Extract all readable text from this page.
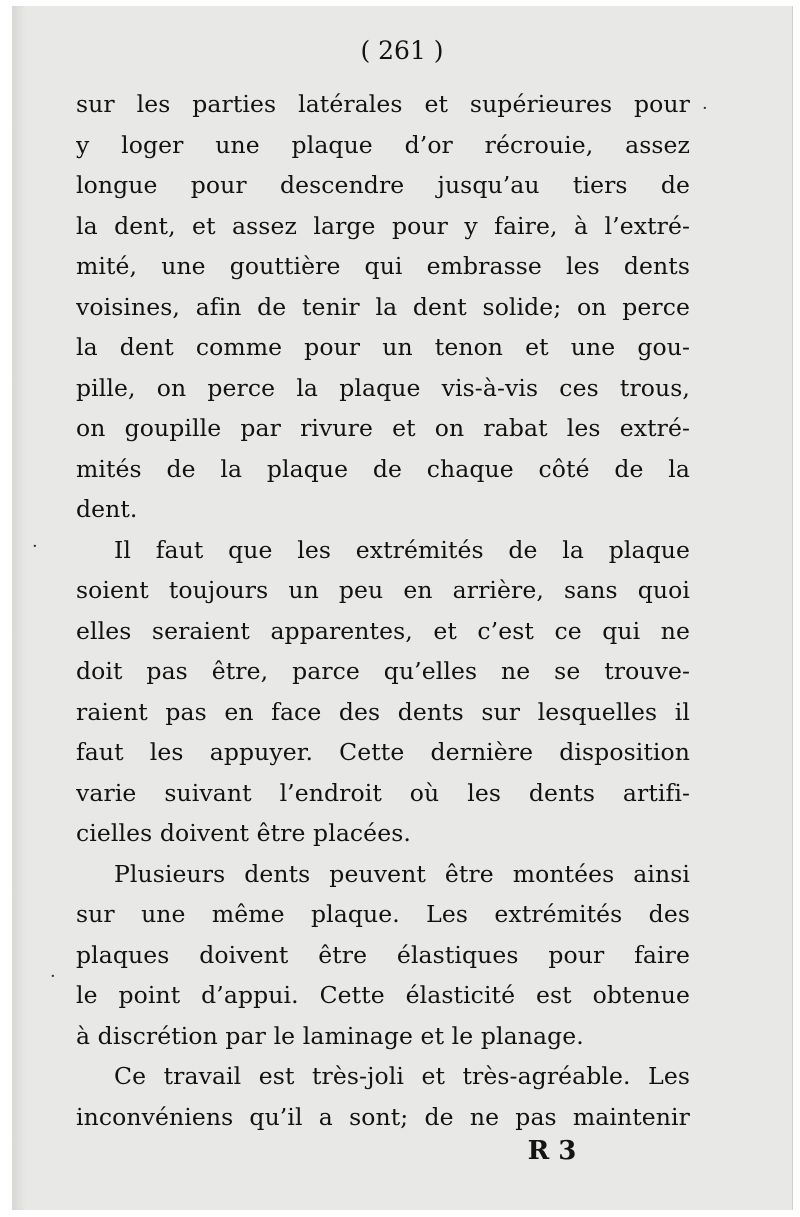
( 261 )
sur les parties latérales et supérieures pour
y loger une plaque d’or récrouie, assez
longue pour descendre jusqu’au tiers de
la dent, et assez large pour y faire, à l’extré-
mité, une gouttière qui embrasse les dents
voisines, afin de tenir la dent solide; on perce
la dent comme pour un tenon et une gou-
pille, on perce la plaque vis-à-vis ces trous,
on goupille par rivure et on rabat les extré-
mités de la plaque de chaque côté de la
dent.
Il faut que les extrémités de la plaque
soient toujours un peu en arrière, sans quoi
elles seraient apparentes, et c’est ce qui ne
doit pas être, parce qu’elles ne se trouve-
raient pas en face des dents sur lesquelles il
faut les appuyer. Cette dernière disposition
varie suivant l’endroit où les dents artifi-
cielles doivent être placées.
Plusieurs dents peuvent être montées ainsi
sur une même plaque. Les extrémités des
plaques doivent être élastiques pour faire
le point d’appui. Cette élasticité est obtenue
à discrétion par le laminage et le planage.
Ce travail est très-joli et très-agréable. Les
inconvéniens qu’il a sont; de ne pas maintenir
R 3
·
·
·
